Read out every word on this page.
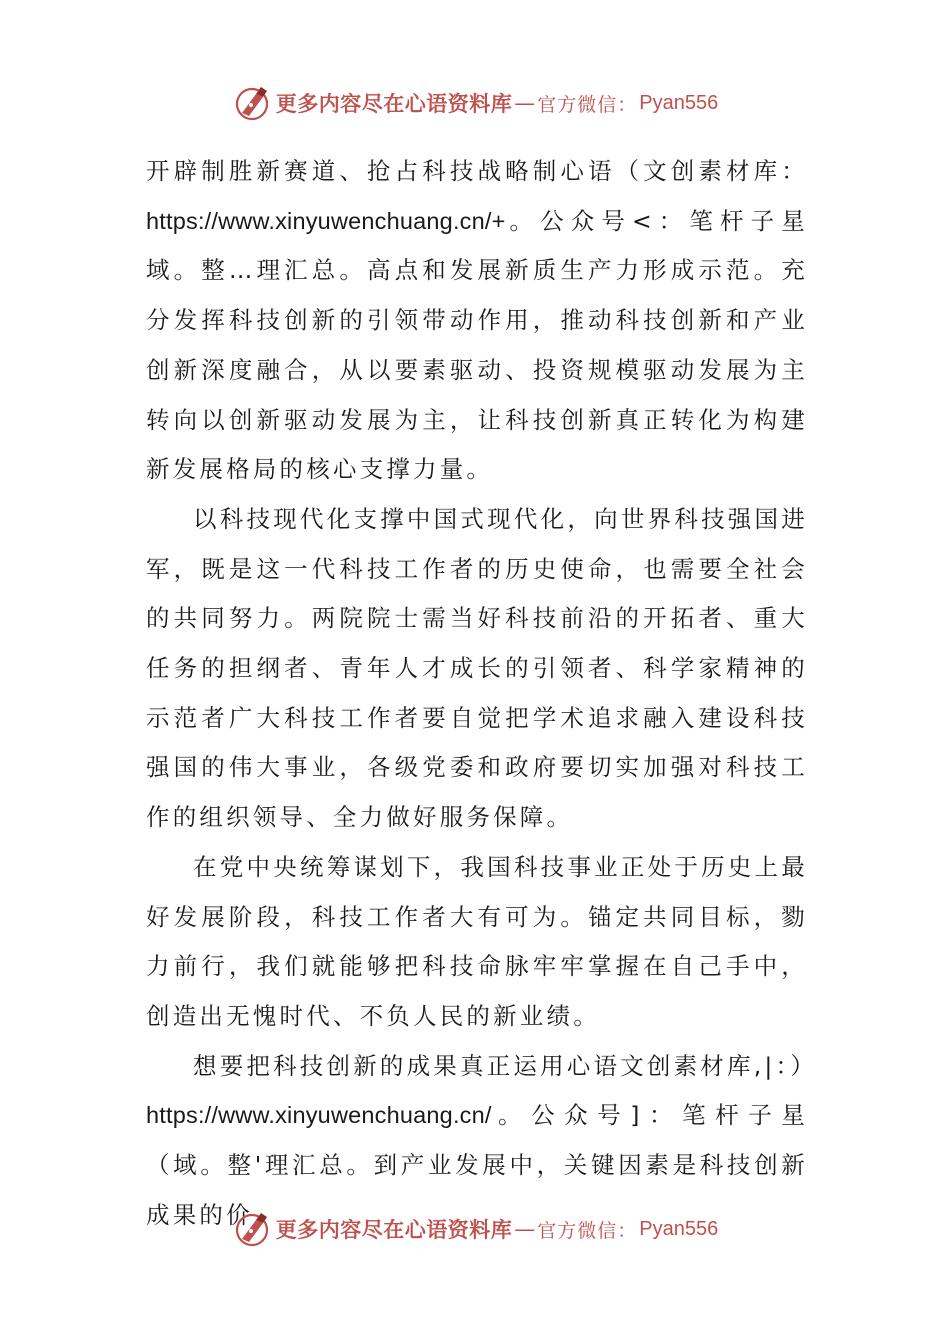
更多内容尽在心语资料库 — 官方微信： Pyan556

开辟制胜新赛道、抢占科技战略制心语（文创素材库：https://www.xinyuwenchuang.cn/+。公众号<：笔杆子星域。整…理汇总。高点和发展新质生产力形成示范。充分发挥科技创新的引领带动作用，推动科技创新和产业创新深度融合，从以要素驱动、投资规模驱动发展为主转向以创新驱动发展为主，让科技创新真正转化为构建新发展格局的核心支撑力量。

以科技现代化支撑中国式现代化，向世界科技强国进军，既是这一代科技工作者的历史使命，也需要全社会的共同努力。两院院士需当好科技前沿的开拓者、重大任务的担纲者、青年人才成长的引领者、科学家精神的示范者广大科技工作者要自觉把学术追求融入建设科技强国的伟大事业，各级党委和政府要切实加强对科技工作的组织领导、全力做好服务保障。

在党中央统筹谋划下，我国科技事业正处于历史上最好发展阶段，科技工作者大有可为。锚定共同目标，勠力前行，我们就能够把科技命脉牢牢掌握在自己手中，创造出无愧时代、不负人民的新业绩。

想要把科技创新的成果真正运用心语文创素材库,|：）https://www.xinyuwenchuang.cn/。公众号]：笔杆子星（域。整'理汇总。到产业发展中，关键因素是科技创新成果的价

更多内容尽在心语资料库 — 官方微信： Pyan556
